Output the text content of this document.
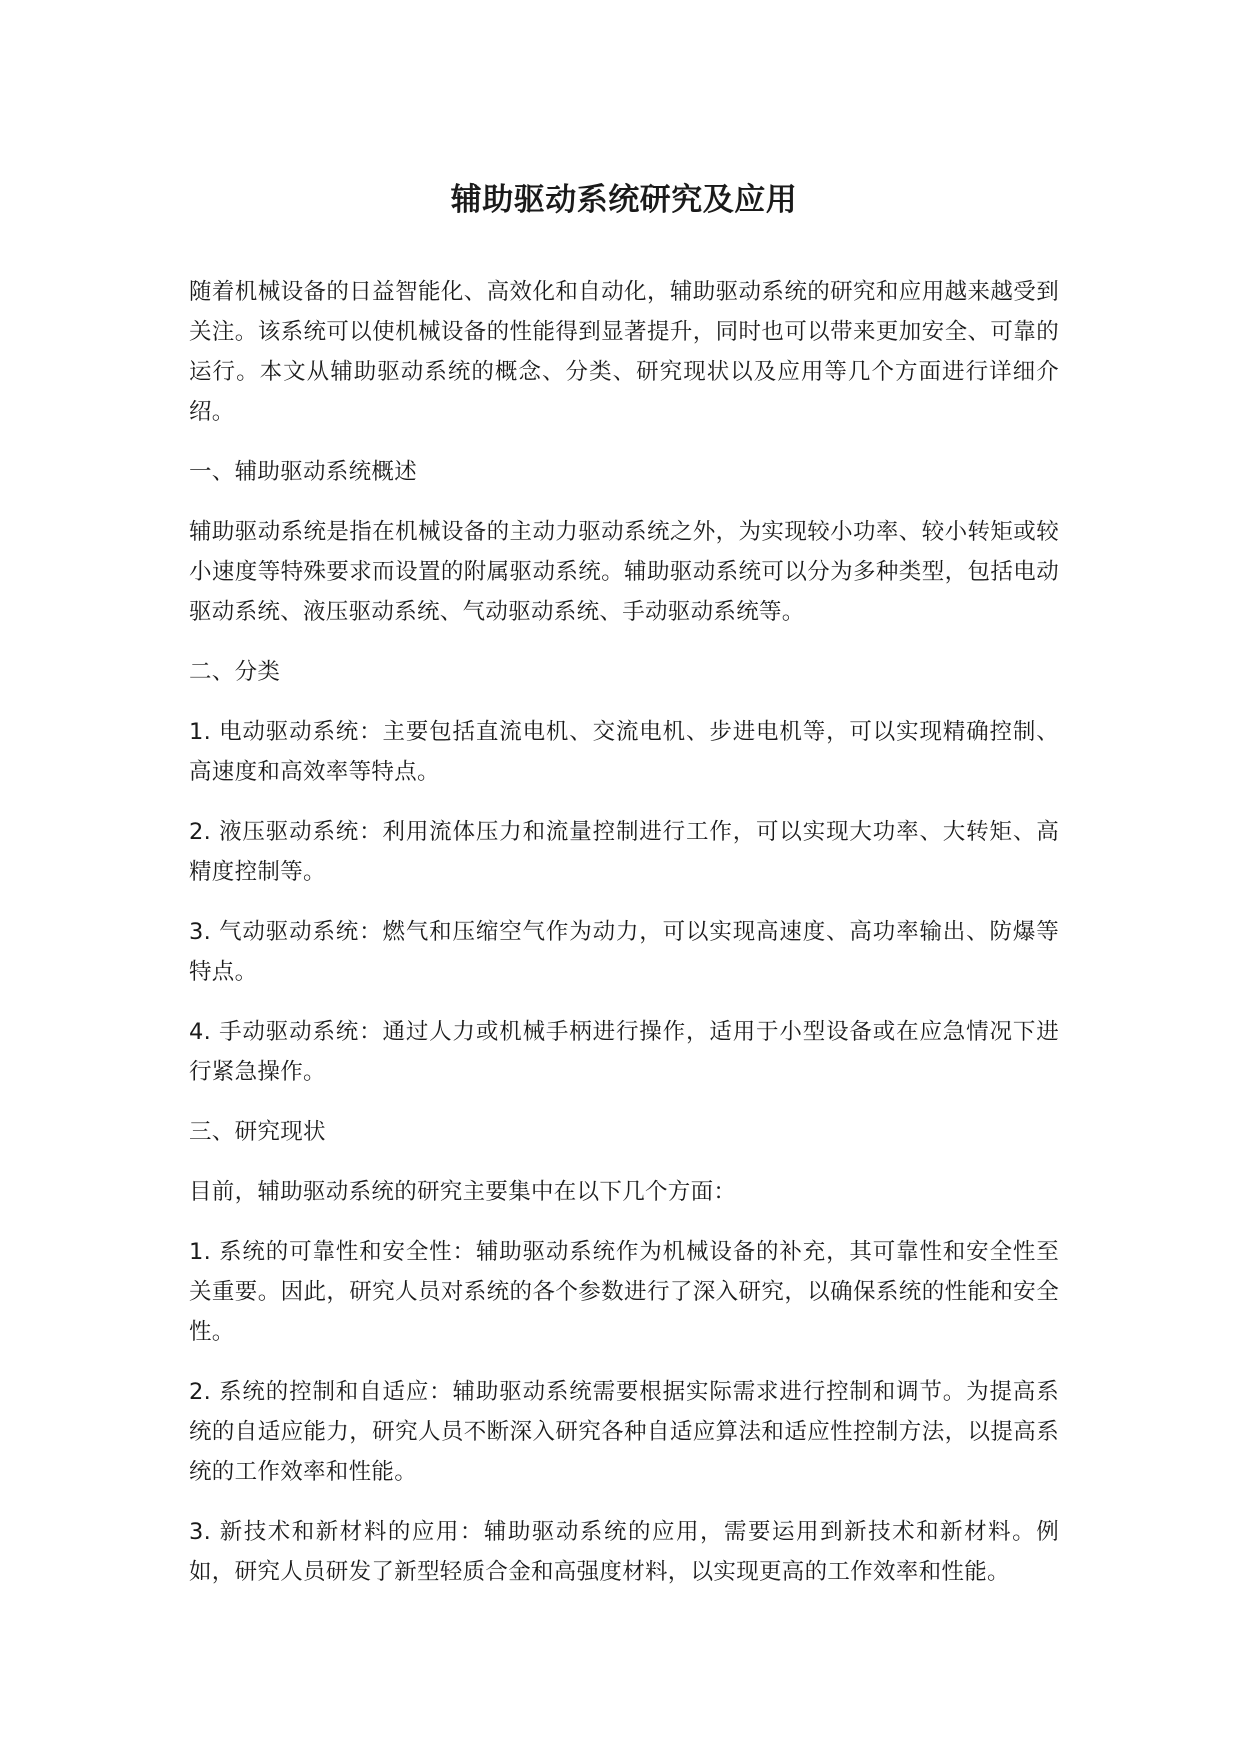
辅助驱动系统研究及应用

随着机械设备的日益智能化、高效化和自动化，辅助驱动系统的研究和应用越来越受到关注。该系统可以使机械设备的性能得到显著提升，同时也可以带来更加安全、可靠的运行。本文从辅助驱动系统的概念、分类、研究现状以及应用等几个方面进行详细介绍。

一、辅助驱动系统概述

辅助驱动系统是指在机械设备的主动力驱动系统之外，为实现较小功率、较小转矩或较小速度等特殊要求而设置的附属驱动系统。辅助驱动系统可以分为多种类型，包括电动驱动系统、液压驱动系统、气动驱动系统、手动驱动系统等。

二、分类

1. 电动驱动系统：主要包括直流电机、交流电机、步进电机等，可以实现精确控制、高速度和高效率等特点。

2. 液压驱动系统：利用流体压力和流量控制进行工作，可以实现大功率、大转矩、高精度控制等。

3. 气动驱动系统：燃气和压缩空气作为动力，可以实现高速度、高功率输出、防爆等特点。

4. 手动驱动系统：通过人力或机械手柄进行操作，适用于小型设备或在应急情况下进行紧急操作。

三、研究现状

目前，辅助驱动系统的研究主要集中在以下几个方面：

1. 系统的可靠性和安全性：辅助驱动系统作为机械设备的补充，其可靠性和安全性至关重要。因此，研究人员对系统的各个参数进行了深入研究，以确保系统的性能和安全性。

2. 系统的控制和自适应：辅助驱动系统需要根据实际需求进行控制和调节。为提高系统的自适应能力，研究人员不断深入研究各种自适应算法和适应性控制方法，以提高系统的工作效率和性能。

3. 新技术和新材料的应用：辅助驱动系统的应用，需要运用到新技术和新材料。例如，研究人员研发了新型轻质合金和高强度材料，以实现更高的工作效率和性能。
